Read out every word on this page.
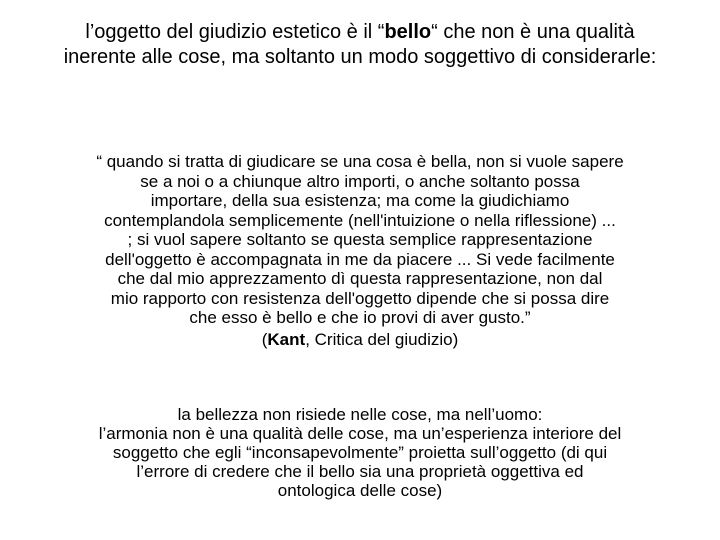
l’oggetto del giudizio estetico è il “bello“ che non è una qualità inerente alle cose, ma soltanto un modo soggettivo di considerarle:
“ quando si tratta di giudicare se una cosa è bella, non si vuole sapere
se a noi o a chiunque altro importi, o anche soltanto possa
importare, della sua esistenza; ma come la giudichiamo
contemplandola semplicemente (nell'intuizione o nella riflessione) ...
; si vuol sapere soltanto se questa semplice rappresentazione
dell'oggetto è accompagnata in me da piacere ... Si vede facilmente
che dal mio apprezzamento dì questa rappresentazione, non dal
mio rapporto con resistenza dell'oggetto dipende che si possa dire
che esso è bello e che io provi di aver gusto.”
(Kant, Critica del giudizio)
la bellezza non risiede nelle cose, ma nell’uomo:
l’armonia non è una qualità delle cose, ma un’esperienza interiore del
soggetto che egli “inconsapevolmente” proietta sull’oggetto (di qui
l’errore di credere che il bello sia una proprietà oggettiva ed
ontologica delle cose)
